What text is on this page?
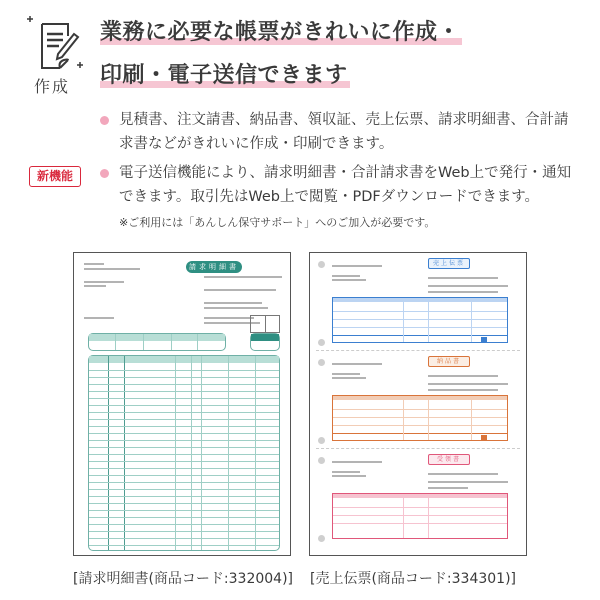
作成
業務に必要な帳票がきれいに作成・
印刷・電子送信できます
見積書、注文請書、納品書、領収証、売上伝票、請求明細書、合計請求書などがきれいに作成・印刷できます。
新機能	電子送信機能により、請求明細書・合計請求書をWeb上で発行・通知できます。取引先はWeb上で閲覧・PDFダウンロードできます。
※ご利用には「あんしん保守サポート」へのご加入が必要です。
請求明細書
[請求明細書(商品コード:332004)]
売上伝票
納品書
受領書
[売上伝票(商品コード:334301)]
